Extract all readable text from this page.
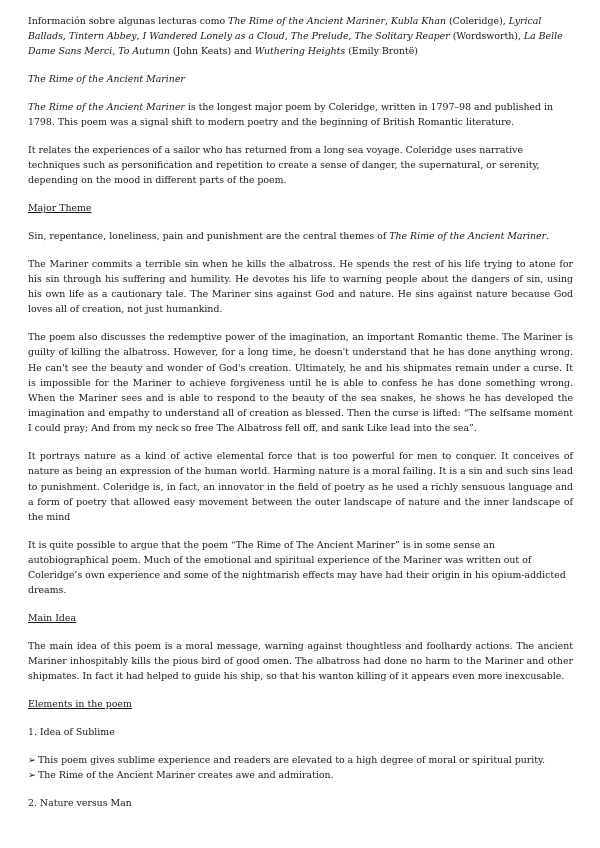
Información sobre algunas lecturas como The Rime of the Ancient Mariner, Kubla Khan (Coleridge), Lyrical Ballads, Tintern Abbey, I Wandered Lonely as a Cloud, The Prelude, The Solitary Reaper (Wordsworth), La Belle Dame Sans Merci, To Autumn (John Keats) and Wuthering Heights (Emily Brontë)

The Rime of the Ancient Mariner

The Rime of the Ancient Mariner is the longest major poem by Coleridge, written in 1797–98 and published in 1798. This poem was a signal shift to modern poetry and the beginning of British Romantic literature.

It relates the experiences of a sailor who has returned from a long sea voyage. Coleridge uses narrative techniques such as personification and repetition to create a sense of danger, the supernatural, or serenity, depending on the mood in different parts of the poem.

Major Theme

Sin, repentance, loneliness, pain and punishment are the central themes of The Rime of the Ancient Mariner.

The Mariner commits a terrible sin when he kills the albatross. He spends the rest of his life trying to atone for his sin through his suffering and humility. He devotes his life to warning people about the dangers of sin, using his own life as a cautionary tale. The Mariner sins against God and nature. He sins against nature because God loves all of creation, not just humankind.

The poem also discusses the redemptive power of the imagination, an important Romantic theme. The Mariner is guilty of killing the albatross. However, for a long time, he doesn't understand that he has done anything wrong. He can't see the beauty and wonder of God's creation. Ultimately, he and his shipmates remain under a curse. It is impossible for the Mariner to achieve forgiveness until he is able to confess he has done something wrong. When the Mariner sees and is able to respond to the beauty of the sea snakes, he shows he has developed the imagination and empathy to understand all of creation as blessed. Then the curse is lifted: “The selfsame moment I could pray; And from my neck so free The Albatross fell off, and sank Like lead into the sea”.

It portrays nature as a kind of active elemental force that is too powerful for men to conquer. It conceives of nature as being an expression of the human world. Harming nature is a moral failing. It is a sin and such sins lead to punishment. Coleridge is, in fact, an innovator in the field of poetry as he used a richly sensuous language and a form of poetry that allowed easy movement between the outer landscape of nature and the inner landscape of the mind

It is quite possible to argue that the poem “The Rime of The Ancient Mariner” is in some sense an autobiographical poem. Much of the emotional and spiritual experience of the Mariner was written out of Coleridge’s own experience and some of the nightmarish effects may have had their origin in his opium-addicted dreams.

Main Idea

The main idea of this poem is a moral message, warning against thoughtless and foolhardy actions. The ancient Mariner inhospitably kills the pious bird of good omen. The albatross had done no harm to the Mariner and other shipmates. In fact it had helped to guide his ship, so that his wanton killing of it appears even more inexcusable.

Elements in the poem

1. Idea of Sublime

➢ This poem gives sublime experience and readers are elevated to a high degree of moral or spiritual purity.
➢ The Rime of the Ancient Mariner creates awe and admiration.

2. Nature versus Man
